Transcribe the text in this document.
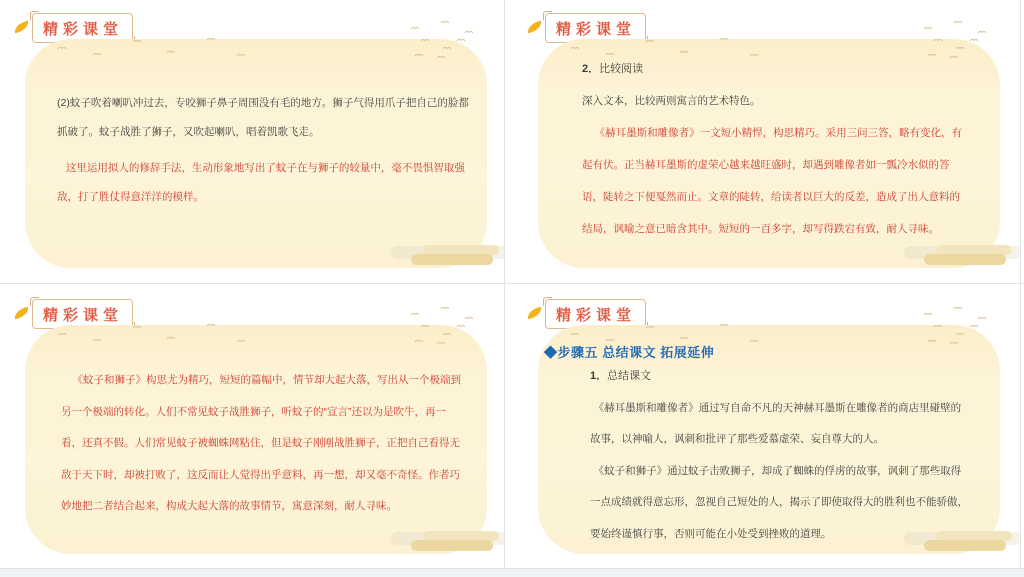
精彩课堂

(2)蚊子吹着喇叭冲过去，专咬狮子鼻子周围没有毛的地方。狮子气得用爪子把自己的脸都抓破了。蚊子战胜了狮子，又吹起喇叭，唱着凯歌飞走。

这里运用拟人的修辞手法，生动形象地写出了蚊子在与狮子的较量中，毫不畏惧智取强敌，打了胜仗得意洋洋的模样。

精彩课堂

2．比较阅读

深入文本，比较两则寓言的艺术特色。

《赫耳墨斯和雕像者》一文短小精悍，构思精巧。采用三问三答，略有变化，有起有伏。正当赫耳墨斯的虚荣心越来越旺盛时，却遇到雕像者如一瓢冷水似的答语，陡转之下便戛然而止。文章的陡转，给读者以巨大的反差，造成了出人意料的结局，讽喻之意已暗含其中。短短的一百多字，却写得跌宕有致，耐人寻味。

精彩课堂

《蚊子和狮子》构思尤为精巧，短短的篇幅中，情节却大起大落，写出从一个极端到另一个极端的转化。人们不常见蚊子战胜狮子，听蚊子的“宣言”还以为是吹牛，再一看，还真不假。人们常见蚊子被蜘蛛网粘住，但是蚊子刚刚战胜狮子，正把自己看得无敌于天下时，却被打败了，这反而让人觉得出乎意料，再一想，却又毫不奇怪。作者巧妙地把二者结合起来，构成大起大落的故事情节，寓意深刻，耐人寻味。

精彩课堂
◆步骤五 总结课文 拓展延伸

1．总结课文

《赫耳墨斯和雕像者》通过写自命不凡的天神赫耳墨斯在雕像者的商店里碰壁的故事，以神喻人，讽刺和批评了那些爱慕虚荣、妄自尊大的人。

《蚊子和狮子》通过蚊子击败狮子，却成了蜘蛛的俘虏的故事，讽刺了那些取得一点成绩就得意忘形，忽视自己短处的人，揭示了即使取得大的胜利也不能骄傲，要始终谨慎行事，否则可能在小处受到挫败的道理。
